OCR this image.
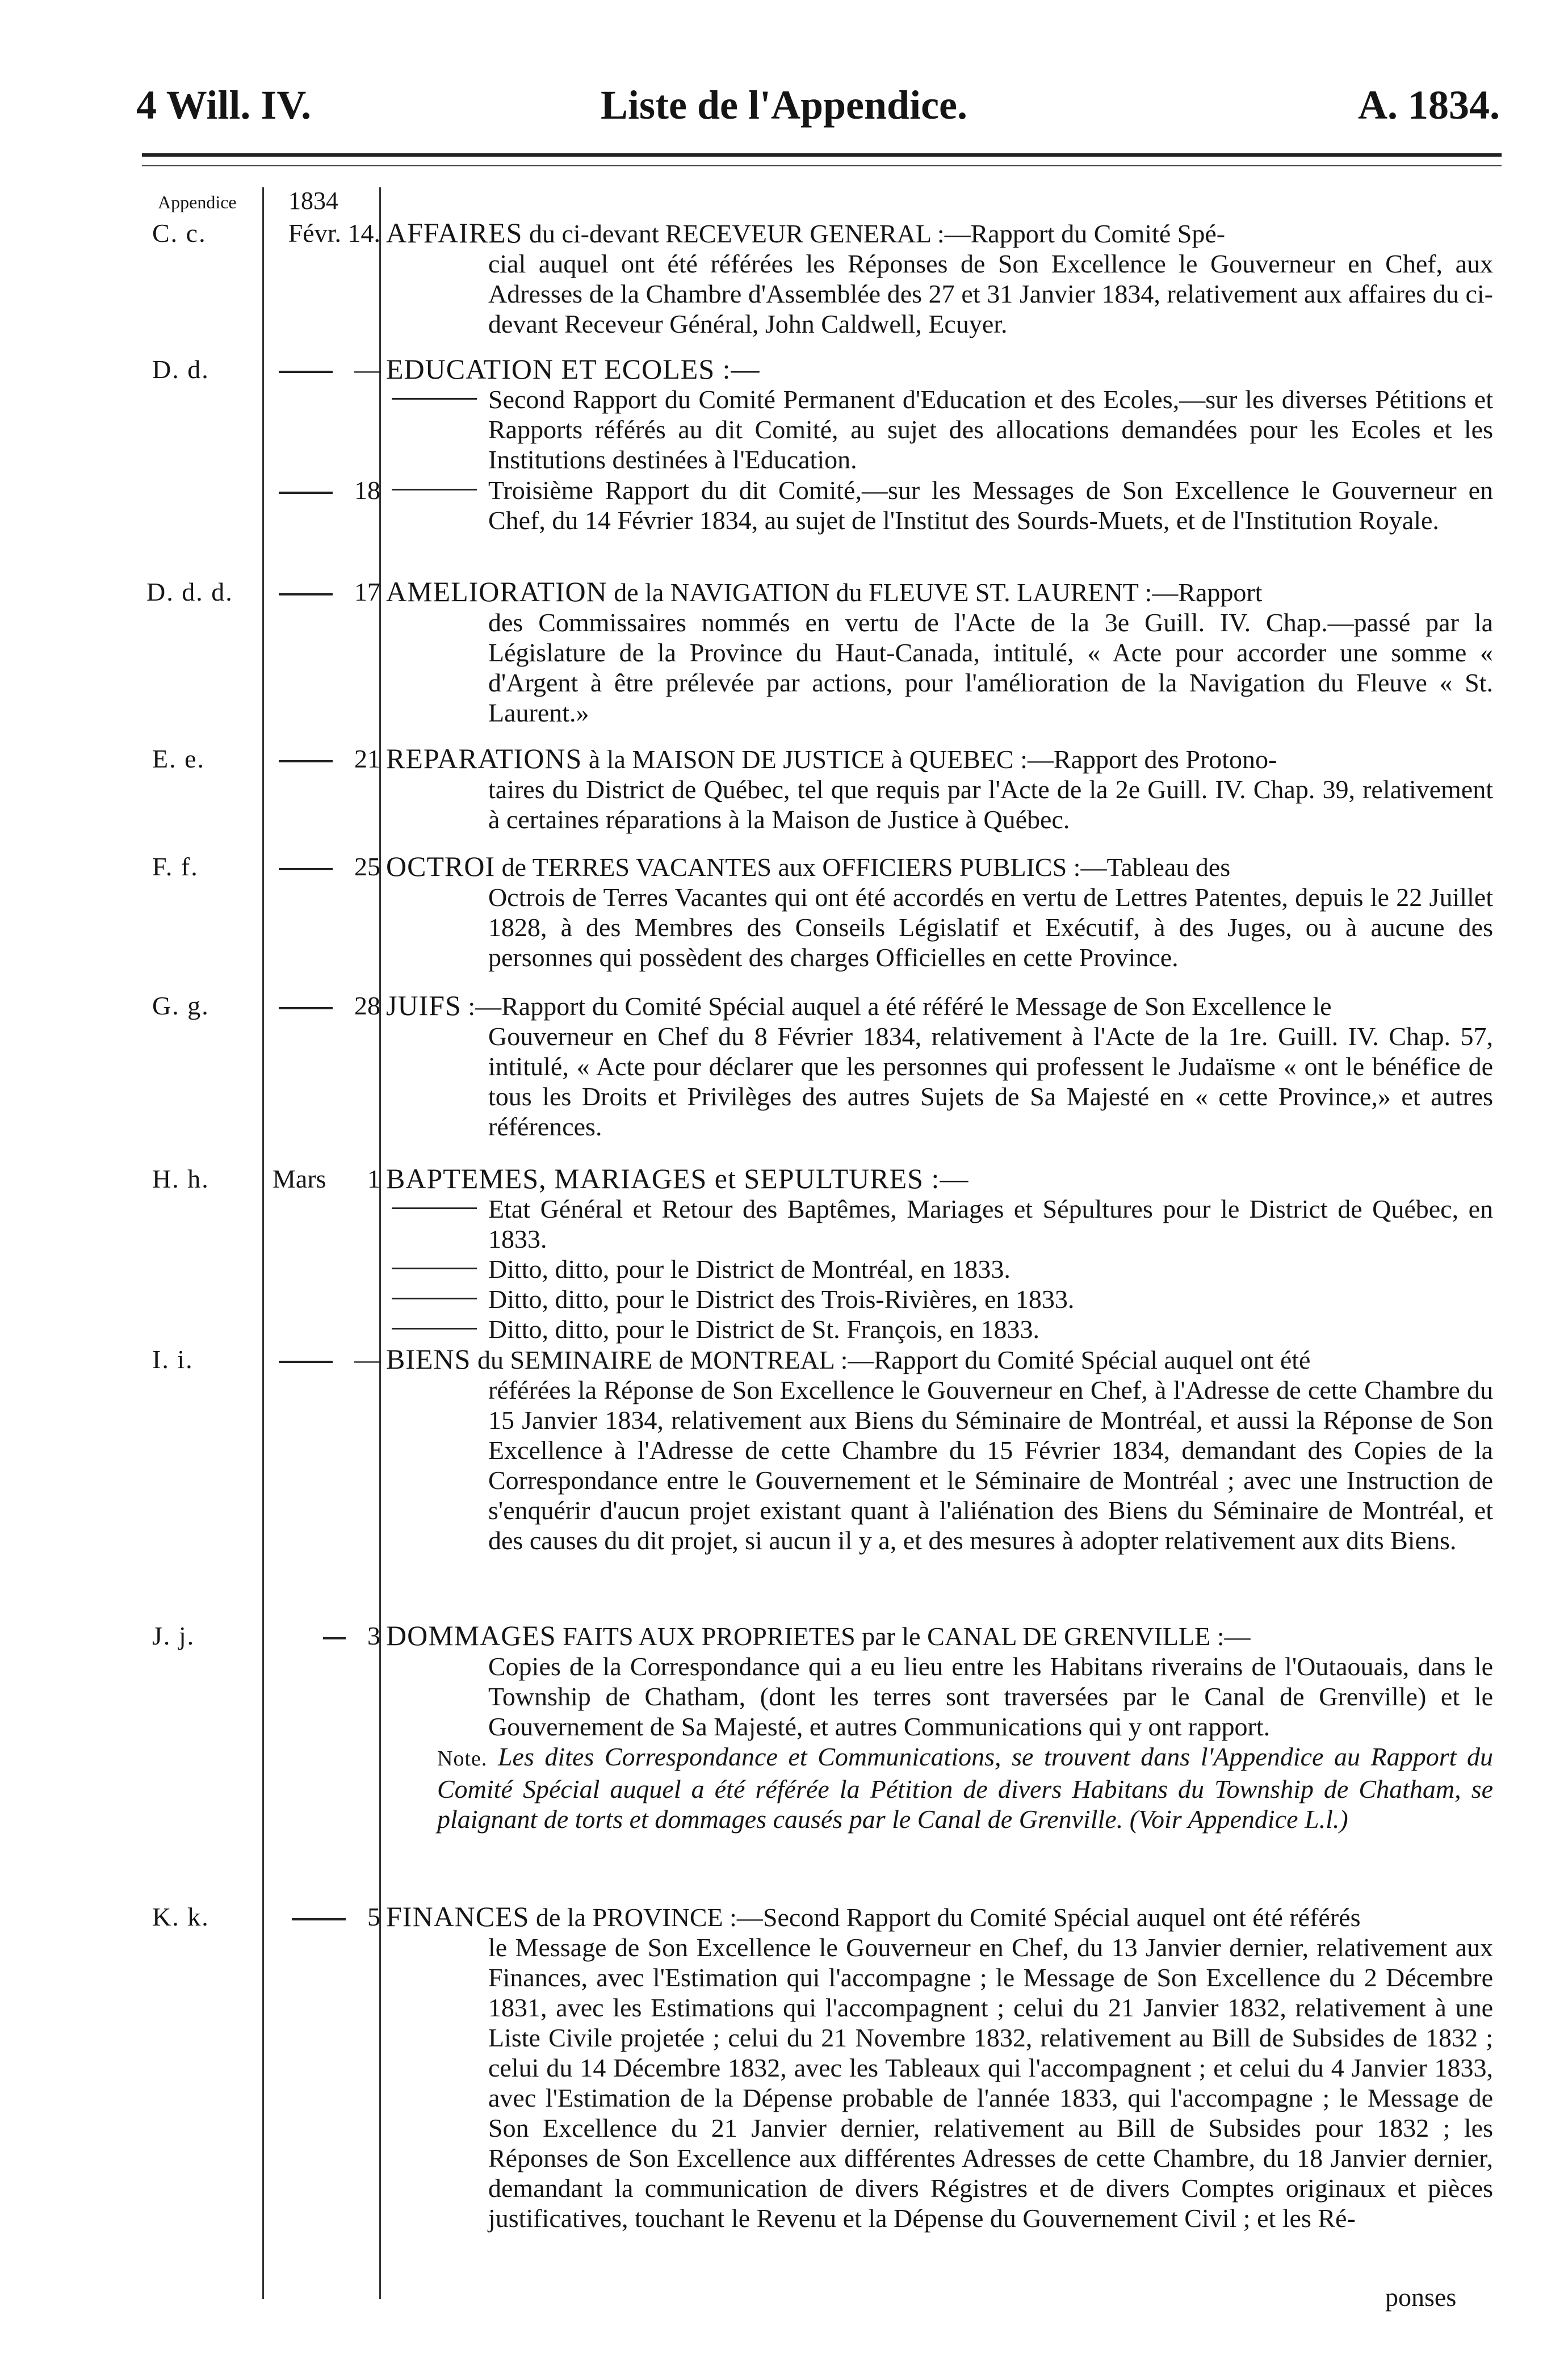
4 Will. IV.	Liste de l'Appendice.	A. 1834.
Appendice 1834
C. c.	Févr. 14. AFFAIRES du ci-devant RECEVEUR GENERAL :—Rapport du Comité Spé-

cial auquel ont été référées les Réponses de Son Excellence le Gouverneur en Chef, aux Adresses de la Chambre d'Assemblée des 27 et 31 Janvier 1834, relativement aux affaires du ci-devant Receveur Général, John Caldwell, Ecuyer.

D. d.	— EDUCATION ET ECOLES :—

Second Rapport du Comité Permanent d'Education et des Ecoles,—sur les diverses Pétitions et Rapports référés au dit Comité, au sujet des allocations demandées pour les Ecoles et les Institutions destinées à l'Education.

18	Troisième Rapport du dit Comité,—sur les Messages de Son Excellence le Gouverneur en Chef, du 14 Février 1834, au sujet de l'Institut des Sourds-Muets, et de l'Institution Royale.

D. d. d.	17 AMELIORATION de la NAVIGATION du FLEUVE ST. LAURENT :—Rapport

des Commissaires nommés en vertu de l'Acte de la 3e Guill. IV. Chap.—passé par la Législature de la Province du Haut-Canada, intitulé, « Acte pour accorder une somme « d'Argent à être prélevée par actions, pour l'amélioration de la Navigation du Fleuve « St. Laurent.»

E. e.	21 REPARATIONS à la MAISON DE JUSTICE à QUEBEC :—Rapport des Protono-

taires du District de Québec, tel que requis par l'Acte de la 2e Guill. IV. Chap. 39, relativement à certaines réparations à la Maison de Justice à Québec.

F. f.	25 OCTROI de TERRES VACANTES aux OFFICIERS PUBLICS :—Tableau des

Octrois de Terres Vacantes qui ont été accordés en vertu de Lettres Patentes, depuis le 22 Juillet 1828, à des Membres des Conseils Législatif et Exécutif, à des Juges, ou à aucune des personnes qui possèdent des charges Officielles en cette Province.

G. g.	28 JUIFS :—Rapport du Comité Spécial auquel a été référé le Message de Son Excellence le

Gouverneur en Chef du 8 Février 1834, relativement à l'Acte de la 1re. Guill. IV. Chap. 57, intitulé, « Acte pour déclarer que les personnes qui professent le Judaïsme « ont le bénéfice de tous les Droits et Privilèges des autres Sujets de Sa Majesté en « cette Province,» et autres références.

H. h.	Mars	1 BAPTEMES, MARIAGES et SEPULTURES :—

Etat Général et Retour des Baptêmes, Mariages et Sépultures pour le District de Québec, en 1833.

Ditto, ditto, pour le District de Montréal, en 1833.

Ditto, ditto, pour le District des Trois-Rivières, en 1833.

Ditto, ditto, pour le District de St. François, en 1833.

I. i.	— BIENS du SEMINAIRE de MONTREAL :—Rapport du Comité Spécial auquel ont été

référées la Réponse de Son Excellence le Gouverneur en Chef, à l'Adresse de cette Chambre du 15 Janvier 1834, relativement aux Biens du Séminaire de Montréal, et aussi la Réponse de Son Excellence à l'Adresse de cette Chambre du 15 Février 1834, demandant des Copies de la Correspondance entre le Gouvernement et le Séminaire de Montréal ; avec une Instruction de s'enquérir d'aucun projet existant quant à l'aliénation des Biens du Séminaire de Montréal, et des causes du dit projet, si aucun il y a, et des mesures à adopter relativement aux dits Biens.

J. j.	3 DOMMAGES FAITS AUX PROPRIETES par le CANAL DE GRENVILLE :—

Copies de la Correspondance qui a eu lieu entre les Habitans riverains de l'Outaouais, dans le Township de Chatham, (dont les terres sont traversées par le Canal de Grenville) et le Gouvernement de Sa Majesté, et autres Communications qui y ont rapport.

Note. Les dites Correspondance et Communications, se trouvent dans l'Appendice au Rapport du Comité Spécial auquel a été référée la Pétition de divers Habitans du Township de Chatham, se plaignant de torts et dommages causés par le Canal de Grenville. (Voir Appendice L.l.)

K. k.	5 FINANCES de la PROVINCE :—Second Rapport du Comité Spécial auquel ont été référés

le Message de Son Excellence le Gouverneur en Chef, du 13 Janvier dernier, relativement aux Finances, avec l'Estimation qui l'accompagne ; le Message de Son Excellence du 2 Décembre 1831, avec les Estimations qui l'accompagnent ; celui du 21 Janvier 1832, relativement à une Liste Civile projetée ; celui du 21 Novembre 1832, relativement au Bill de Subsides de 1832 ; celui du 14 Décembre 1832, avec les Tableaux qui l'accompagnent ; et celui du 4 Janvier 1833, avec l'Estimation de la Dépense probable de l'année 1833, qui l'accompagne ; le Message de Son Excellence du 21 Janvier dernier, relativement au Bill de Subsides pour 1832 ; les Réponses de Son Excellence aux différentes Adresses de cette Chambre, du 18 Janvier dernier, demandant la communication de divers Régistres et de divers Comptes originaux et pièces justificatives, touchant le Revenu et la Dépense du Gouvernement Civil ; et les Ré-

ponses
